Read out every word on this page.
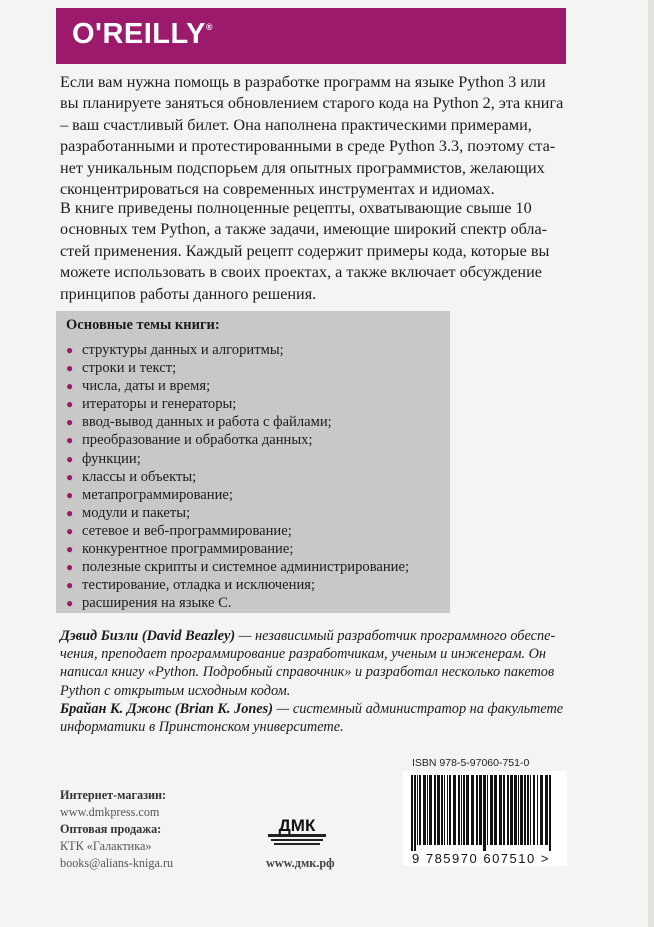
O'REILLY®
Если вам нужна помощь в разработке программ на языке Python 3 или
вы планируете заняться обновлением старого кода на Python 2, эта книга
– ваш счастливый билет. Она наполнена практическими примерами,
разработанными и протестированными в среде Python 3.3, поэтому ста-
нет уникальным подспорьем для опытных программистов, желающих
сконцентрироваться на современных инструментах и идиомах.
В книге приведены полноценные рецепты, охватывающие свыше 10
основных тем Python, а также задачи, имеющие широкий спектр обла-
стей применения. Каждый рецепт содержит примеры кода, которые вы
можете использовать в своих проектах, а также включает обсуждение
принципов работы данного решения.
Основные темы книги:
● структуры данных и алгоритмы;
● строки и текст;
● числа, даты и время;
● итераторы и генераторы;
● ввод-вывод данных и работа с файлами;
● преобразование и обработка данных;
● функции;
● классы и объекты;
● метапрограммирование;
● модули и пакеты;
● сетевое и веб-программирование;
● конкурентное программирование;
● полезные скрипты и системное администрирование;
● тестирование, отладка и исключения;
● расширения на языке С.
Дэвид Бизли (David Beazley) — независимый разработчик программного обеспе-
чения, преподает программирование разработчикам, ученым и инженерам. Он
написал книгу «Python. Подробный справочник» и разработал несколько пакетов
Python с открытым исходным кодом.
Брайан К. Джонс (Brian K. Jones) — системный администратор на факультете
информатики в Принстонском университете.
ISBN 978-5-97060-751-0
9 785970 607510 >
Интернет-магазин:
www.dmkpress.com
Оптовая продажа:
КТК «Галактика»
books@alians-kniga.ru
ДМК
www.дмк.рф
